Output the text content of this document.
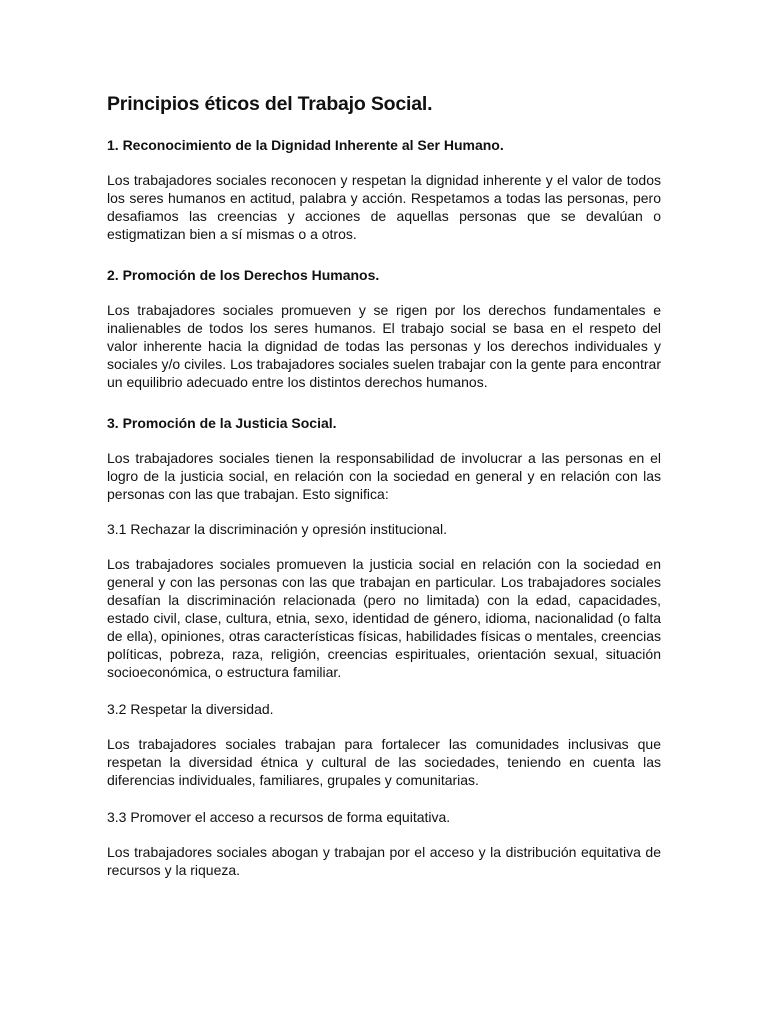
Principios éticos del Trabajo Social.
1. Reconocimiento de la Dignidad Inherente al Ser Humano.

Los trabajadores sociales reconocen y respetan la dignidad inherente y el valor de todos los seres humanos en actitud, palabra y acción. Respetamos a todas las personas, pero desafiamos las creencias y acciones de aquellas personas que se devalúan o estigmatizan bien a sí mismas o a otros.

2. Promoción de los Derechos Humanos.

Los trabajadores sociales promueven y se rigen por los derechos fundamentales e inalienables de todos los seres humanos. El trabajo social se basa en el respeto del valor inherente hacia la dignidad de todas las personas y los derechos individuales y sociales y/o civiles. Los trabajadores sociales suelen trabajar con la gente para encontrar un equilibrio adecuado entre los distintos derechos humanos.

3. Promoción de la Justicia Social.

Los trabajadores sociales tienen la responsabilidad de involucrar a las personas en el logro de la justicia social, en relación con la sociedad en general y en relación con las personas con las que trabajan. Esto significa:

3.1 Rechazar la discriminación y opresión institucional.

Los trabajadores sociales promueven la justicia social en relación con la sociedad en general y con las personas con las que trabajan en particular. Los trabajadores sociales desafían la discriminación relacionada (pero no limitada) con la edad, capacidades, estado civil, clase, cultura, etnia, sexo, identidad de género, idioma, nacionalidad (o falta de ella), opiniones, otras características físicas, habilidades físicas o mentales, creencias políticas, pobreza, raza, religión, creencias espirituales, orientación sexual, situación socioeconómica, o estructura familiar.

3.2 Respetar la diversidad.

Los trabajadores sociales trabajan para fortalecer las comunidades inclusivas que respetan la diversidad étnica y cultural de las sociedades, teniendo en cuenta las diferencias individuales, familiares, grupales y comunitarias.

3.3 Promover el acceso a recursos de forma equitativa.

Los trabajadores sociales abogan y trabajan por el acceso y la distribución equitativa de recursos y la riqueza.
